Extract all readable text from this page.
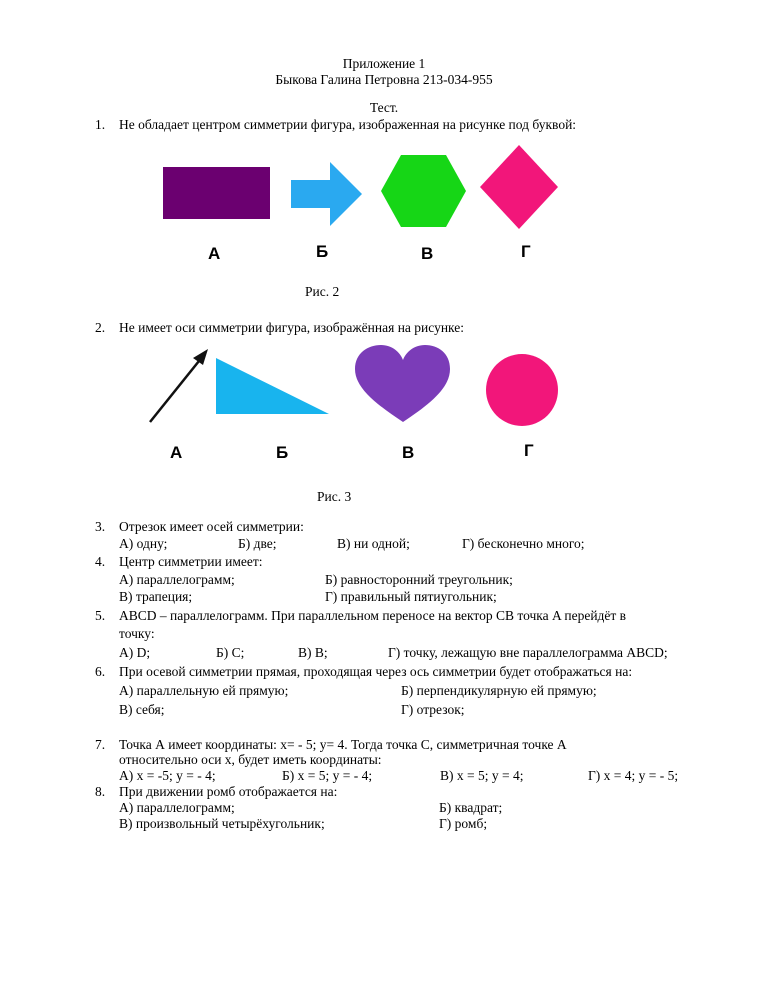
Приложение 1
Быкова Галина Петровна 213-034-955
Тест.
1. Не обладает центром симметрии фигура, изображенная на рисунке под буквой:
А	Б	В	Г
Рис. 2
2. Не имеет оси симметрии фигура, изображённая на рисунке:
А	Б	В	Г
Рис. 3
3. Отрезок имеет осей симметрии:
А) одну;	Б) две;	В) ни одной;	Г) бесконечно много;
4. Центр симметрии имеет:
А) параллелограмм;	Б) равносторонний треугольник;
В) трапеция;	Г) правильный пятиугольник;
5. ABCD – параллелограмм. При параллельном переносе на вектор CB точка A перейдёт в
точку:
А) D;	Б) С;	В) В;	Г) точку, лежащую вне параллелограмма ABCD;
6. При осевой симметрии прямая, проходящая через ось симметрии будет отображаться на:
А) параллельную ей прямую;	Б) перпендикулярную ей прямую;
В) себя;	Г) отрезок;
7. Точка А имеет координаты: х= - 5; у= 4. Тогда точка С, симметричная точке А
относительно оси х, будет иметь координаты:
А) х = -5; у = - 4;	Б) х = 5; у = - 4;	В) х = 5; у = 4;	Г) х = 4; у = - 5;
8. При движении ромб отображается на:
А) параллелограмм;	Б) квадрат;
В) произвольный четырёхугольник;	Г) ромб;
